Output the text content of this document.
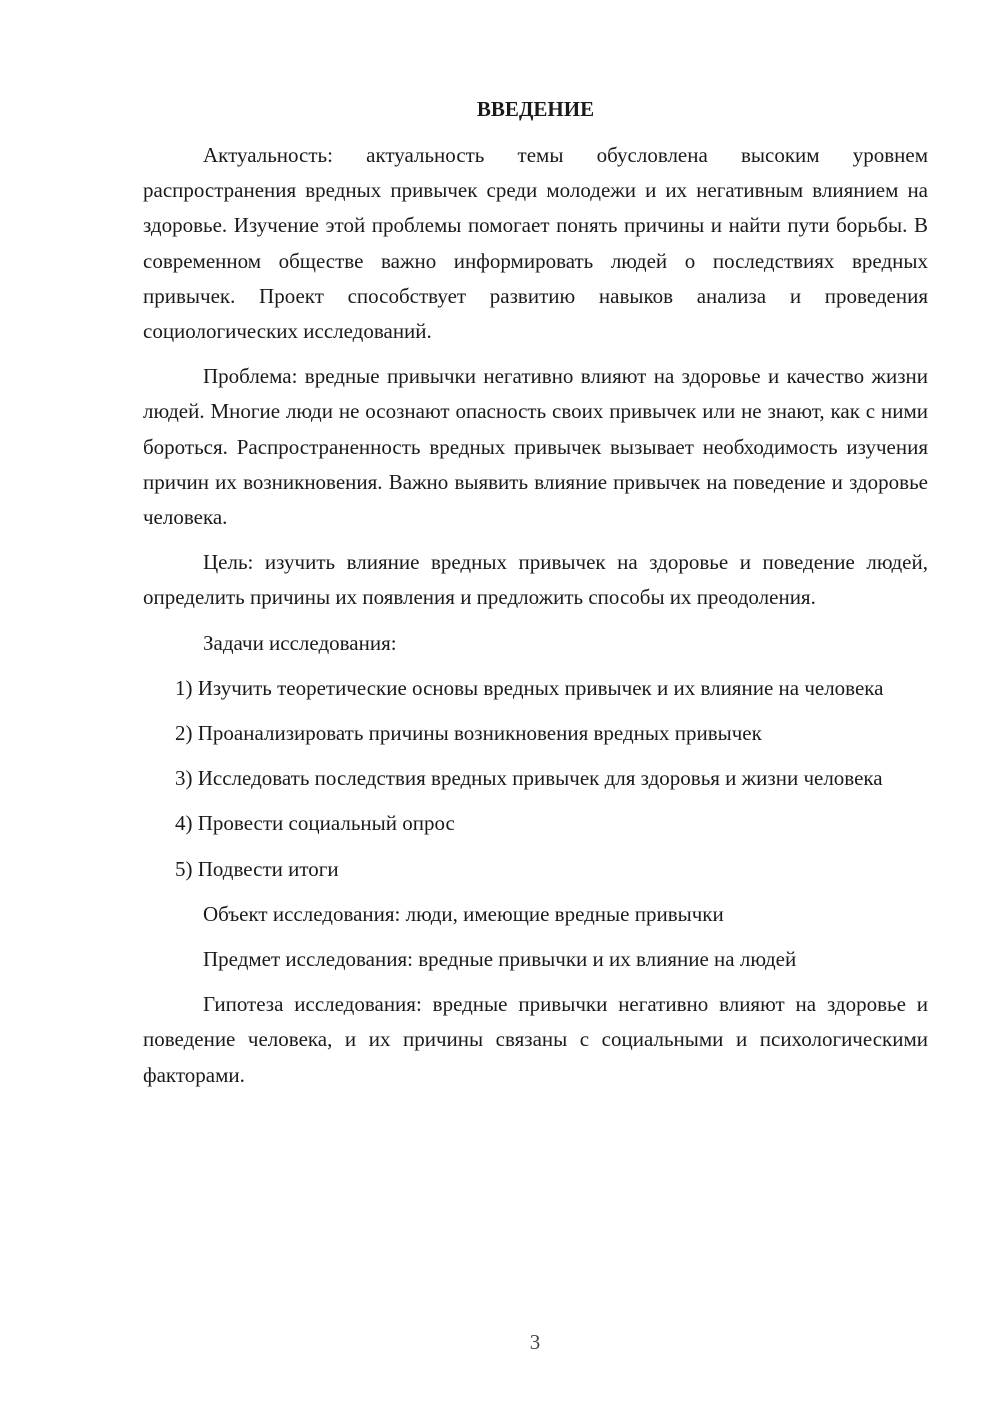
ВВЕДЕНИЕ

Актуальность: актуальность темы обусловлена высоким уровнем распространения вредных привычек среди молодежи и их негативным влиянием на здоровье. Изучение этой проблемы помогает понять причины и найти пути борьбы. В современном обществе важно информировать людей о последствиях вредных привычек. Проект способствует развитию навыков анализа и проведения социологических исследований.

Проблема: вредные привычки негативно влияют на здоровье и качество жизни людей. Многие люди не осознают опасность своих привычек или не знают, как с ними бороться. Распространенность вредных привычек вызывает необходимость изучения причин их возникновения. Важно выявить влияние привычек на поведение и здоровье человека.

Цель: изучить влияние вредных привычек на здоровье и поведение людей, определить причины их появления и предложить способы их преодоления.

Задачи исследования:

1) Изучить теоретические основы вредных привычек и их влияние на человека

2) Проанализировать причины возникновения вредных привычек

3) Исследовать последствия вредных привычек для здоровья и жизни человека

4) Провести социальный опрос

5) Подвести итоги

Объект исследования: люди, имеющие вредные привычки

Предмет исследования: вредные привычки и их влияние на людей

Гипотеза исследования: вредные привычки негативно влияют на здоровье и поведение человека, и их причины связаны с социальными и психологическими факторами.

3
